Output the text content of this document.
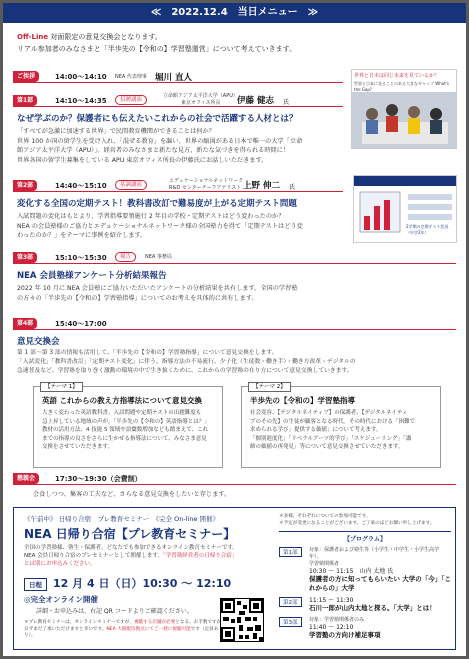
≪　2022.12.4　当日メニュー　≫
Off-Line 対面限定の意見交換会となります。
リアル参加者のみなさまと「半歩先の【令和の】学習塾運営」について考えていきます。
ご挨拶	14:00～14:10 NEA 代表理事 堀川 直人	世界と日本は同じ未来を見ているか？
世界と日本に見ることのある大きなギャップ What's the Gap?
第1部	14:10～14:35	招聘講演
立命館アジア太平洋大学（APU）
東京オフィス所長 伊藤 健志 氏
なぜ学ぶのか？保護者にも伝えたいこれからの社会で活躍する人材とは？
「すべてが急激に加速する世界」で民間教育機関ができることは何か？
世界 100 か国の留学生を受け入れ、「混ぜる教育」を謳い、世界の縮図がある日本で唯一の大学「立命
館アジア太平洋大学（APU）」。経営者のみなさまと新たな見方、新たな気づきを得られる時間に！
世界各国の留学生募集をしている APU 東京オフィス所長の伊藤氏にお話しいただきます。
2学期の定期テスト状況（中学2年）
第2部	14:40～15:10	基調講演
エデュケーショナルネットワーク
R&D センターチーフアナリスト 上野 伸二 氏
変化する全国の定期テスト！教科書改訂で難易度が上がる定期テスト問題
入試問題の変化はもとより、学習指導要領施行 2 年目の学校・定期テストはどう変わったのか？
NEA の会員塾様のご協力とエデュケーショナルネットワーク様の全国塾力を得て「定期テストはどう変
わったのか？」をテーマに事例を紹介します。
第3部	15:10～15:30	報告	NEA 事務局
NEA 会員塾様アンケート分析結果報告
2022 年 10 月に NEA 会員塾にご協力いただいたアンケートの分析結果を共有します。全国の学習塾
の方々の「半歩先の【令和の】学習塾指導」についてのお考えを具体的に共有します。
第4部	15:40～17:00
意見交換会
第 1 部～第 3 部の情報も活用して、「半歩先の【令和の】学習塾指導」について意見交換をします。
「入試変化」「教科書改訂」「定期テスト変化」に伴う、指導方法の不易流行、少子化（生徒数・働き手）・働き方改革・デジタルの
急速普及など、学習塾を取り巻く激動の環境の中で生き抜くために、これからの学習塾の在り方について意見交換していきます。
【テーマ 1】
英語 これからの教え方指導法について意見交換
大きく変わった英語教科書。入試問題や定期テストの出題難度も
急上昇している地域の声が。「半歩先の【令和の】英語指導とは？」
教材の活用方法、4 技能 5 領域や語彙数増加なども踏まえて、これ
までの指導の良さをさらに生かせる指導法について、みなさま意見
交換をさせていただきます。
【テーマ 2】
半歩先の【令和の】学習塾指導
社会変容、【デジタルネイティブ】の保護者、【デジタルネイティ
ブのその先】の生徒が顧客となる時代。その時代における「困難で
求められる学び」提供する価値」について考えます。
「個別進度化」「リベラルアーツ的学び」「スケジューリング」「講
師の価値の再発見」等について意見交換させていただきます。
懇親会	17:30～19:30（会費制）
会食しつつ、集客の工夫など、さらなる意見交換をしたいと存じます。
《午前中》 日帰り合宿　プレ教育セミナー　《完全 On-line 開催》
NEA 日帰り合宿【プレ教育セミナー】
全国の学習塾様、塾生・保護者、どなたでも参加できるオンライン教育セミナーです。
NEA 会員日帰り合宿のプレセミナーとして開催します。「学習塾経営者の日帰り合宿」
とは別にお申込みください。
日程 12 月 4 日（日）10:30 ～ 12:10
◎完全オンライン開催
詳細・お申込みは、右記 QR コードよりご確認ください。
＊プレ教育セミナーは、オンラインセミナーですが、視聴する店舗が必要となる、お手数ですが日ずまだ了承いただけますと幸いです。NEA 大阪配信拠点にてご一緒に視聴可能です（定員あり）。
＊多様、それぞれについての参加可能です。
＊予定が変更になることがございます。ご了承のほどお願い申し上げます。
【プログラム】
第1部	対象：保護者および塾生等（小学生・中学生・小学生高学年）、
学習塾関係者
10:30 ～ 11:15　山内 太地 氏
保護者の方に知ってもらいたい 大学の「今」「これからの」大学
第2部	11:15 ～ 11:30
石川一郎が山内太地と探る。「大学」とは！
第3部	対象：学習塾関係者のみ
11:40 ～ 12:10
学習塾の方向け補足事項
